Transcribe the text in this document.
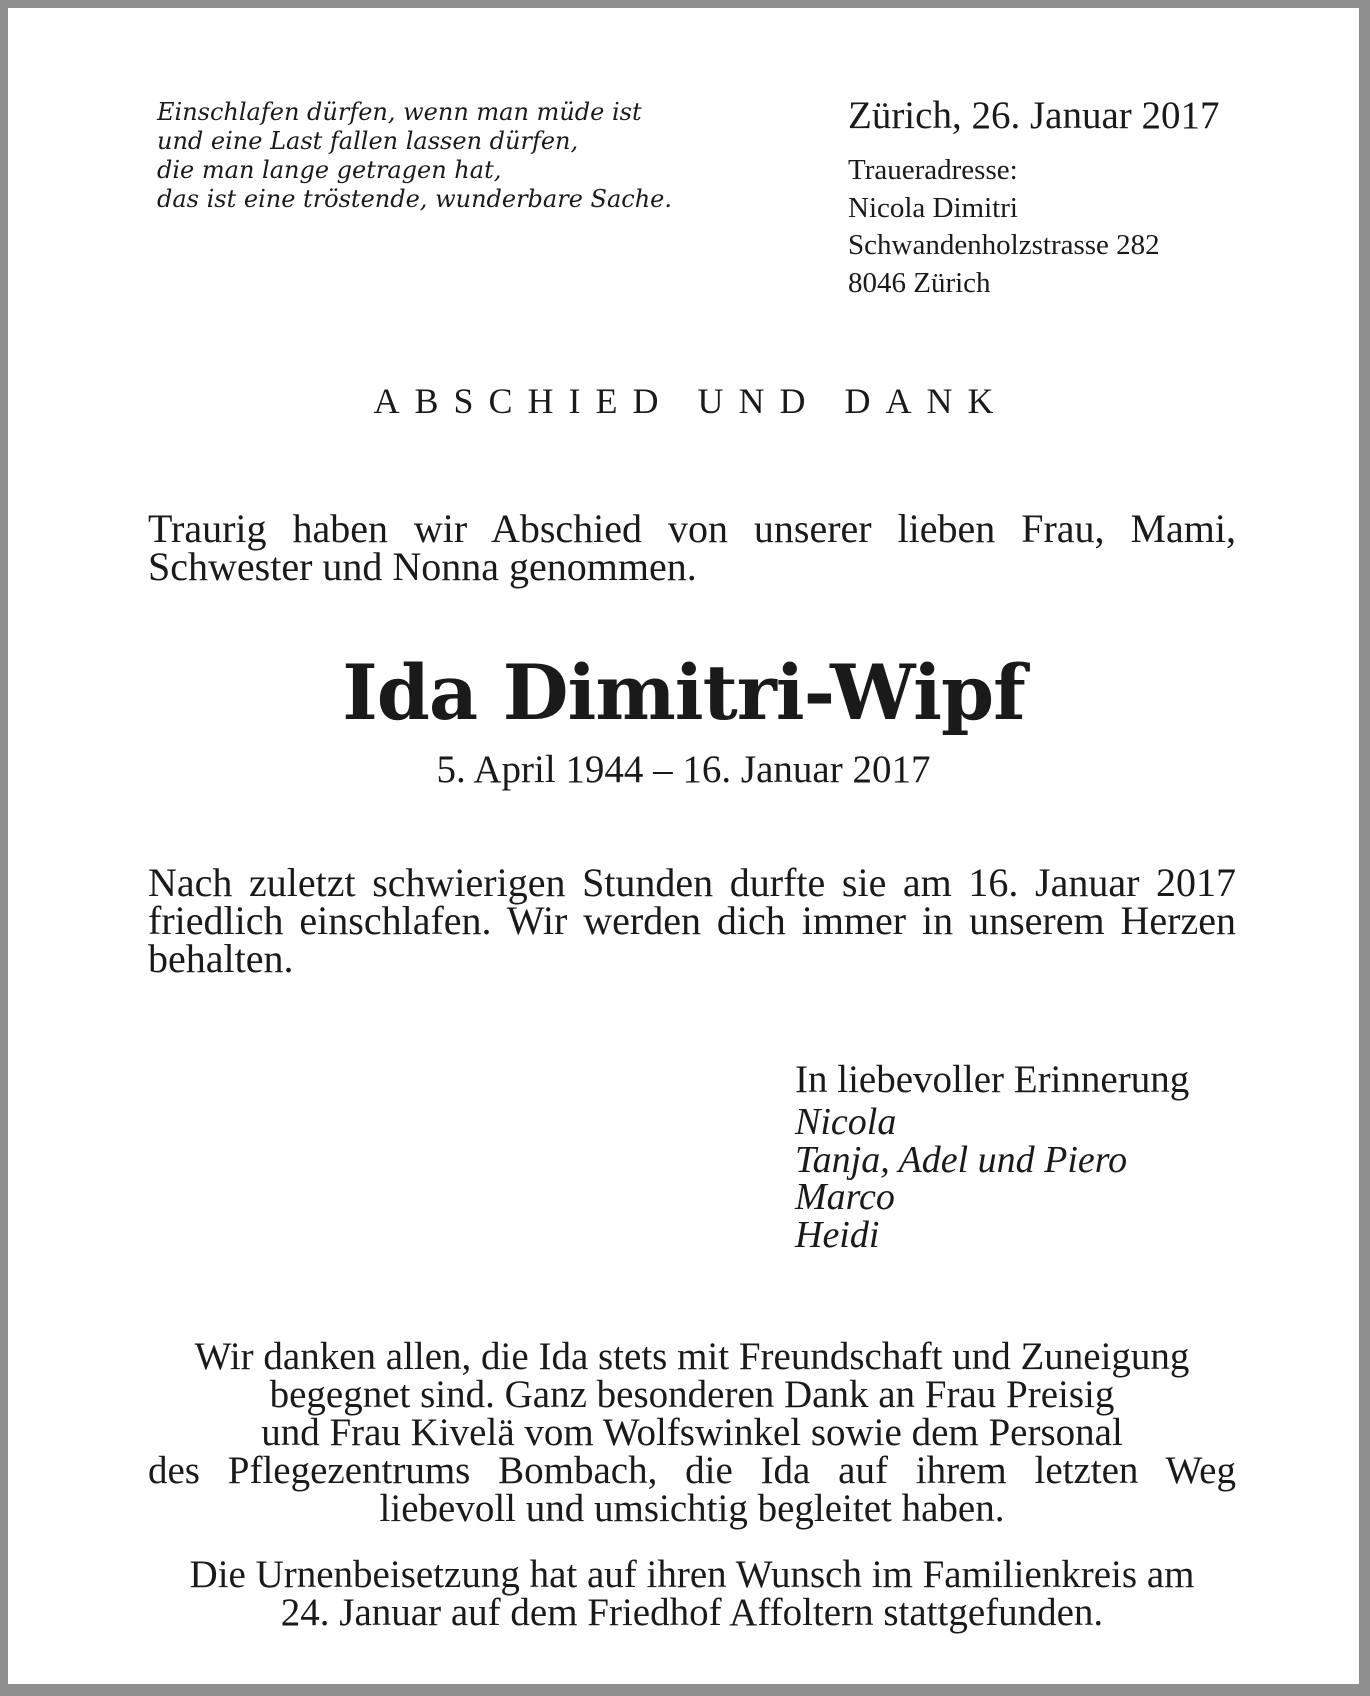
Einschlafen dürfen, wenn man müde ist
und eine Last fallen lassen dürfen,
die man lange getragen hat,
das ist eine tröstende, wunderbare Sache.
Zürich, 26. Januar 2017
Traueradresse:
Nicola Dimitri
Schwandenholzstrasse 282
8046 Zürich
ABSCHIED UND DANK
Traurig haben wir Abschied von unserer lieben Frau, Mami, Schwester und Nonna genommen.
Ida Dimitri-Wipf
5. April 1944 – 16. Januar 2017
Nach zuletzt schwierigen Stunden durfte sie am 16. Januar 2017 friedlich einschlafen. Wir werden dich immer in unserem Herzen behalten.
In liebevoller Erinnerung
Nicola
Tanja, Adel und Piero
Marco
Heidi
Wir danken allen, die Ida stets mit Freundschaft und Zuneigung
begegnet sind. Ganz besonderen Dank an Frau Preisig
und Frau Kivelä vom Wolfswinkel sowie dem Personal
des Pflegezentrums Bombach, die Ida auf ihrem letzten Weg
liebevoll und umsichtig begleitet haben.
Die Urnenbeisetzung hat auf ihren Wunsch im Familienkreis am
24. Januar auf dem Friedhof Affoltern stattgefunden.
